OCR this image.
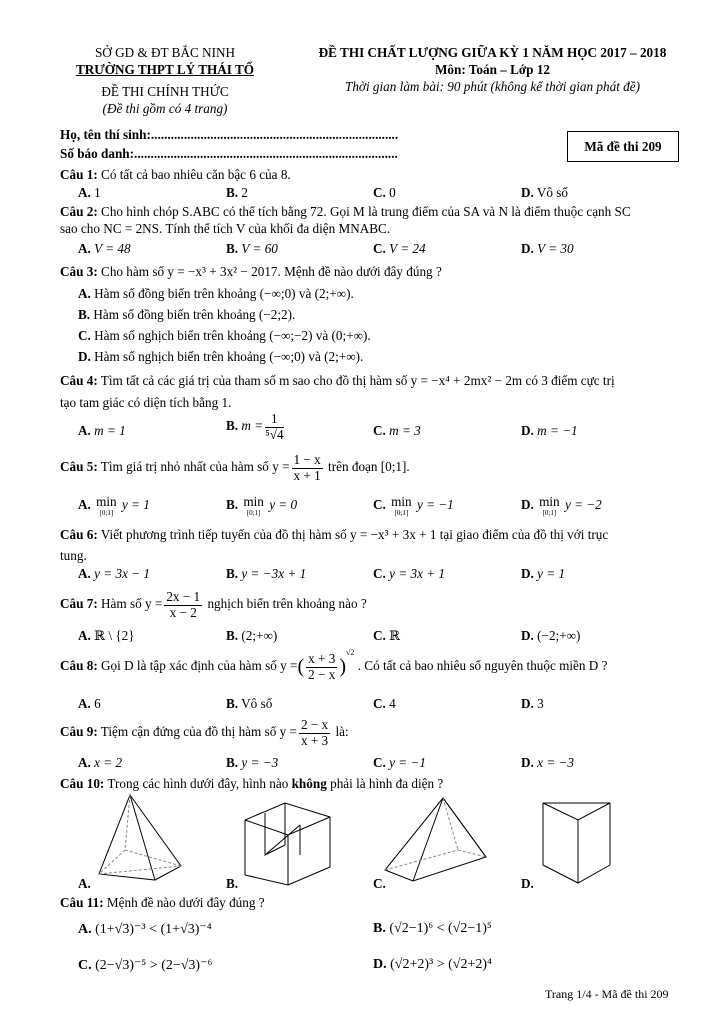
SỞ GD & ĐT BẮC NINH
TRƯỜNG THPT LÝ THÁI TỔ
ĐỀ THI CHÍNH THỨC
(Đề thi gồm có 4 trang)
ĐỀ THI CHẤT LƯỢNG GIỮA KỲ 1 NĂM HỌC 2017 – 2018
Môn: Toán – Lớp 12
Thời gian làm bài: 90 phút (không kể thời gian phát đề)
Họ, tên thí sinh:...........................................................................
Số báo danh:................................................................................	Mã đề thi 209
Câu 1: Có tất cả bao nhiêu căn bậc 6 của 8.
A. 1	B. 2	C. 0	D. Vô số
Câu 2: Cho hình chóp S.ABC có thể tích bằng 72. Gọi M là trung điểm của SA và N là điểm thuộc cạnh SC
sao cho NC = 2NS. Tính thể tích V của khối đa diện MNABC.
A. V = 48	B. V = 60	C. V = 24	D. V = 30
Câu 3: Cho hàm số y = −x³ + 3x² − 2017. Mệnh đề nào dưới đây đúng ?
A. Hàm số đồng biến trên khoảng (−∞;0) và (2;+∞).
B. Hàm số đồng biến trên khoảng (−2;2).
C. Hàm số nghịch biến trên khoảng (−∞;−2) và (0;+∞).
D. Hàm số nghịch biến trên khoảng (−∞;0) và (2;+∞).
Câu 4: Tìm tất cả các giá trị của tham số m sao cho đồ thị hàm số y = −x⁴ + 2mx² − 2m có 3 điểm cực trị
tạo tam giác có diện tích bằng 1.
A. m = 1	B. $m = \frac{1}{\text{⁵√4}}$	C. m = 3	D. m = −1
Câu 5: Tìm giá trị nhỏ nhất của hàm số $y = \frac{1 - x}{x + 1}$ trên đoạn [0;1].
A. min
[0;1]
y = 1	B. min
[0;1]
y = 0	C. min
[0;1]
y = −1	D. min
[0;1]
y = −2
Câu 6: Viết phương trình tiếp tuyến của đồ thị hàm số y = −x³ + 3x + 1 tại giao điểm của đồ thị với trục
tung.
A. y = 3x − 1	B. y = −3x + 1	C. y = 3x + 1	D. y = 1
Câu 7: Hàm số $y = \frac{2x - 1}{x - 2}$ nghịch biến trên khoảng nào ?
A. ℝ \ {2}	B. (2;+∞)	C. ℝ	D. (−2;+∞)
Câu 8: Gọi D là tập xác định của hàm số y =( $\frac{x + 3}{2 - x} )^{√2}$ . Có tất cả bao nhiêu số nguyên thuộc miền D ?
A. 6	B. Vô số	C. 4	D. 3
Câu 9: Tiệm cận đứng của đồ thị hàm số $y = \frac{2 - x}{x + 3}$ là:
A. x = 2	B. y = −3	C. y = −1	D. x = −3
Câu 10: Trong các hình dưới đây, hình nào không phải là hình đa diện ?
A.	B.	C.	D.
Câu 11: Mệnh đề nào dưới đây đúng ?
A. (1+√3)⁻³ < (1+√3)⁻⁴	B. (√2−1)⁶ < (√2−1)⁵
C. (2−√3)⁻⁵ > (2−√3)⁻⁶	D. (√2+2)³ > (√2+2)⁴
Trang 1/4 - Mã đề thi 209
